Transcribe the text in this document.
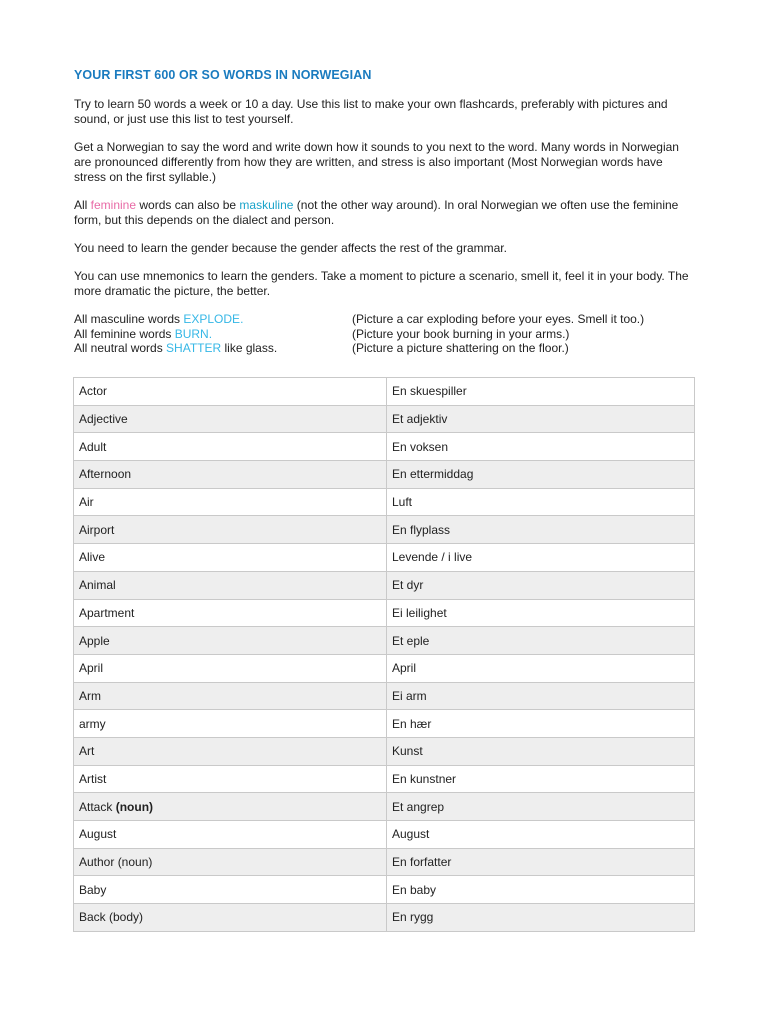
YOUR FIRST 600 OR SO WORDS IN NORWEGIAN

Try to learn 50 words a week or 10 a day. Use this list to make your own flashcards, preferably with pictures and sound, or just use this list to test yourself.

Get a Norwegian to say the word and write down how it sounds to you next to the word. Many words in Norwegian are pronounced differently from how they are written, and stress is also important (Most Norwegian words have stress on the first syllable.)

All feminine words can also be maskuline (not the other way around). In oral Norwegian we often use the feminine form, but this depends on the dialect and person.

You need to learn the gender because the gender affects the rest of the grammar.

You can use mnemonics to learn the genders. Take a moment to picture a scenario, smell it, feel it in your body. The more dramatic the picture, the better.

All masculine words EXPLODE.	(Picture a car exploding before your eyes. Smell it too.)
All feminine words BURN.	(Picture your book burning in your arms.)
All neutral words SHATTER like glass.	(Picture a picture shattering on the floor.)
Actor	En skuespiller
Adjective	Et adjektiv
Adult	En voksen
Afternoon	En ettermiddag
Air	Luft
Airport	En flyplass
Alive	Levende / i live
Animal	Et dyr
Apartment	Ei leilighet
Apple	Et eple
April	April
Arm	Ei arm
army	En hær
Art	Kunst
Artist	En kunstner
Attack (noun)	Et angrep
August	August
Author (noun)	En forfatter
Baby	En baby
Back (body)	En rygg
